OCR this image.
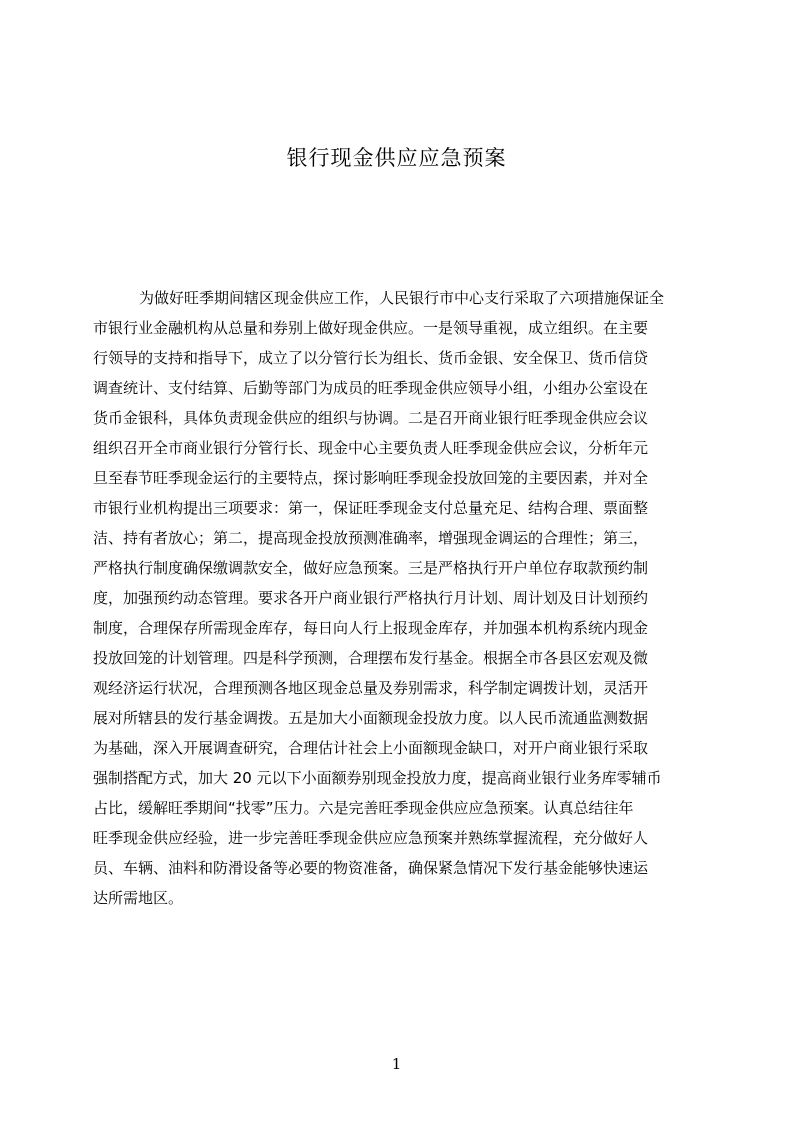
银行现金供应应急预案
为做好旺季期间辖区现金供应工作，人民银行市中心支行采取了六项措施保证全
市银行业金融机构从总量和券别上做好现金供应。一是领导重视，成立组织。在主要
行领导的支持和指导下，成立了以分管行长为组长、货币金银、安全保卫、货币信贷
调查统计、支付结算、后勤等部门为成员的旺季现金供应领导小组，小组办公室设在
货币金银科，具体负责现金供应的组织与协调。二是召开商业银行旺季现金供应会议
组织召开全市商业银行分管行长、现金中心主要负责人旺季现金供应会议，分析年元
旦至春节旺季现金运行的主要特点，探讨影响旺季现金投放回笼的主要因素，并对全
市银行业机构提出三项要求：第一，保证旺季现金支付总量充足、结构合理、票面整
洁、持有者放心；第二，提高现金投放预测准确率，增强现金调运的合理性；第三，
严格执行制度确保缴调款安全，做好应急预案。三是严格执行开户单位存取款预约制
度，加强预约动态管理。要求各开户商业银行严格执行月计划、周计划及日计划预约
制度，合理保存所需现金库存，每日向人行上报现金库存，并加强本机构系统内现金
投放回笼的计划管理。四是科学预测，合理摆布发行基金。根据全市各县区宏观及微
观经济运行状况，合理预测各地区现金总量及券别需求，科学制定调拨计划，灵活开
展对所辖县的发行基金调拨。五是加大小面额现金投放力度。以人民币流通监测数据
为基础，深入开展调查研究，合理估计社会上小面额现金缺口，对开户商业银行采取
强制搭配方式，加大 20 元以下小面额券别现金投放力度，提高商业银行业务库零辅币
占比，缓解旺季期间“找零”压力。六是完善旺季现金供应应急预案。认真总结往年
旺季现金供应经验，进一步完善旺季现金供应应急预案并熟练掌握流程，充分做好人
员、车辆、油料和防滑设备等必要的物资准备，确保紧急情况下发行基金能够快速运
达所需地区。
1
